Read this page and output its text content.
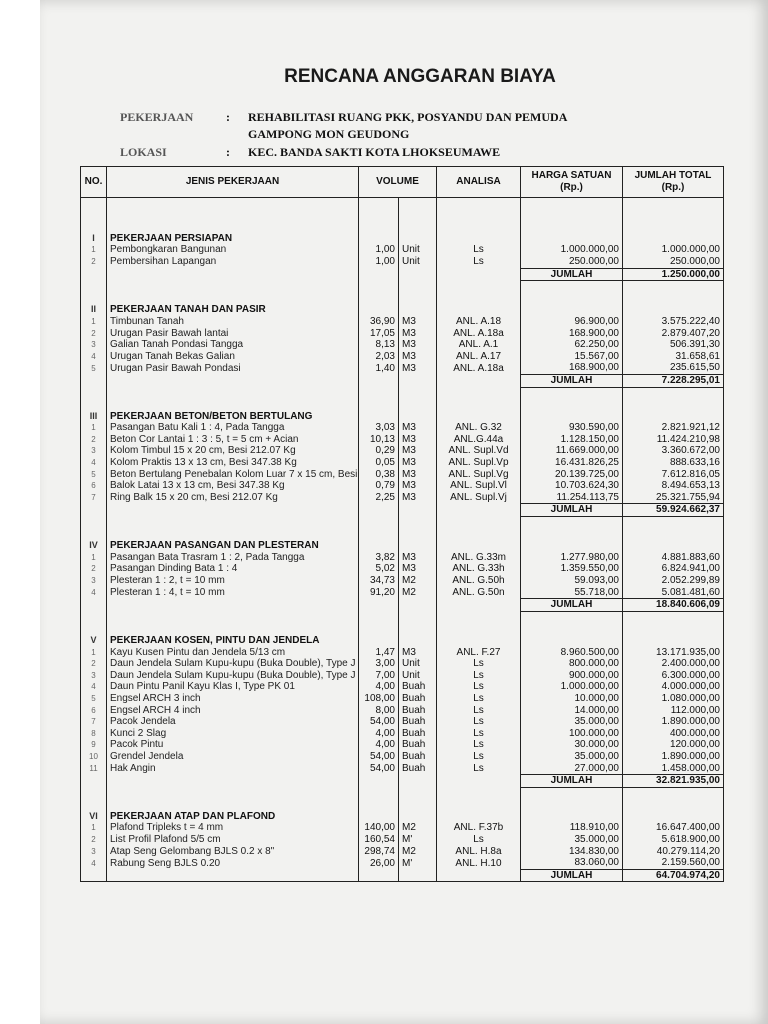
RENCANA ANGGARAN BIAYA
PEKERJAAN	: REHABILITASI RUANG PKK, POSYANDU DAN PEMUDA
GAMPONG MON GEUDONG
LOKASI	: KEC. BANDA SAKTI KOTA LHOKSEUMAWE
NO.	JENIS PEKERJAAN	VOLUME		ANALISA	HARGA SATUAN
(Rp.)	JUMLAH TOTAL
(Rp.)

I	PEKERJAAN PERSIAPAN					
1	Pembongkaran Bangunan	1,00	Unit	Ls	1.000.000,00	1.000.000,00
2	Pembersihan Lapangan	1,00	Unit	Ls	250.000,00	250.000,00
					JUMLAH	1.250.000,00

II	PEKERJAAN TANAH DAN PASIR					
1	Timbunan Tanah	36,90	M3	ANL. A.18	96.900,00	3.575.222,40
2	Urugan Pasir Bawah lantai	17,05	M3	ANL. A.18a	168.900,00	2.879.407,20
3	Galian Tanah Pondasi Tangga	8,13	M3	ANL. A.1	62.250,00	506.391,30
4	Urugan Tanah Bekas Galian	2,03	M3	ANL. A.17	15.567,00	31.658,61
5	Urugan Pasir Bawah Pondasi	1,40	M3	ANL. A.18a	168.900,00	235.615,50
					JUMLAH	7.228.295,01

III	PEKERJAAN BETON/BETON BERTULANG					
1	Pasangan Batu Kali 1 : 4, Pada Tangga	3,03	M3	ANL. G.32	930.590,00	2.821.921,12
2	Beton Cor Lantai 1 : 3 : 5, t = 5 cm + Acian	10,13	M3	ANL.G.44a	1.128.150,00	11.424.210,98
3	Kolom Timbul 15 x 20 cm, Besi 212.07 Kg	0,29	M3	ANL. Supl.Vd	11.669.000,00	3.360.672,00
4	Kolom Praktis 13 x 13 cm, Besi 347.38 Kg	0,05	M3	ANL. Supl.Vp	16.431.826,25	888.633,16
5	Beton Bertulang Penebalan Kolom Luar 7 x 15 cm, Besi	0,38	M3	ANL. Supl.Vg	20.139.725,00	7.612.816,05
6	Balok Latai 13 x 13 cm, Besi 347.38 Kg	0,79	M3	ANL. Supl.Vl	10.703.624,30	8.494.653,13
7	Ring Balk 15 x 20 cm, Besi 212.07 Kg	2,25	M3	ANL. Supl.Vj	11.254.113,75	25.321.755,94
					JUMLAH	59.924.662,37

IV	PEKERJAAN PASANGAN DAN PLESTERAN					
1	Pasangan Bata Trasram 1 : 2, Pada Tangga	3,82	M3	ANL. G.33m	1.277.980,00	4.881.883,60
2	Pasangan Dinding Bata 1 : 4	5,02	M3	ANL. G.33h	1.359.550,00	6.824.941,00
3	Plesteran 1 : 2, t = 10 mm	34,73	M2	ANL. G.50h	59.093,00	2.052.299,89
4	Plesteran 1 : 4, t = 10 mm	91,20	M2	ANL. G.50n	55.718,00	5.081.481,60
					JUMLAH	18.840.606,09

V	PEKERJAAN KOSEN, PINTU DAN JENDELA					
1	Kayu Kusen Pintu dan Jendela 5/13 cm	1,47	M3	ANL. F.27	8.960.500,00	13.171.935,00
2	Daun Jendela Sulam Kupu-kupu (Buka Double), Type J	3,00	Unit	Ls	800.000,00	2.400.000,00
3	Daun Jendela Sulam Kupu-kupu (Buka Double), Type J	7,00	Unit	Ls	900.000,00	6.300.000,00
4	Daun Pintu Panil Kayu Klas I, Type PK 01	4,00	Buah	Ls	1.000.000,00	4.000.000,00
5	Engsel ARCH 3 inch	108,00	Buah	Ls	10.000,00	1.080.000,00
6	Engsel ARCH 4 inch	8,00	Buah	Ls	14.000,00	112.000,00
7	Pacok Jendela	54,00	Buah	Ls	35.000,00	1.890.000,00
8	Kunci 2 Slag	4,00	Buah	Ls	100.000,00	400.000,00
9	Pacok Pintu	4,00	Buah	Ls	30.000,00	120.000,00
10	Grendel Jendela	54,00	Buah	Ls	35.000,00	1.890.000,00
11	Hak Angin	54,00	Buah	Ls	27.000,00	1.458.000,00
					JUMLAH	32.821.935,00

VI	PEKERJAAN ATAP DAN PLAFOND					
1	Plafond Tripleks t = 4 mm	140,00	M2	ANL. F.37b	118.910,00	16.647.400,00
2	List Profil Plafond 5/5 cm	160,54	M'	Ls	35.000,00	5.618.900,00
3	Atap Seng Gelombang BJLS 0.2 x 8"	298,74	M2	ANL. H.8a	134.830,00	40.279.114,20
4	Rabung Seng BJLS 0.20	26,00	M'	ANL. H.10	83.060,00	2.159.560,00
					JUMLAH	64.704.974,20
